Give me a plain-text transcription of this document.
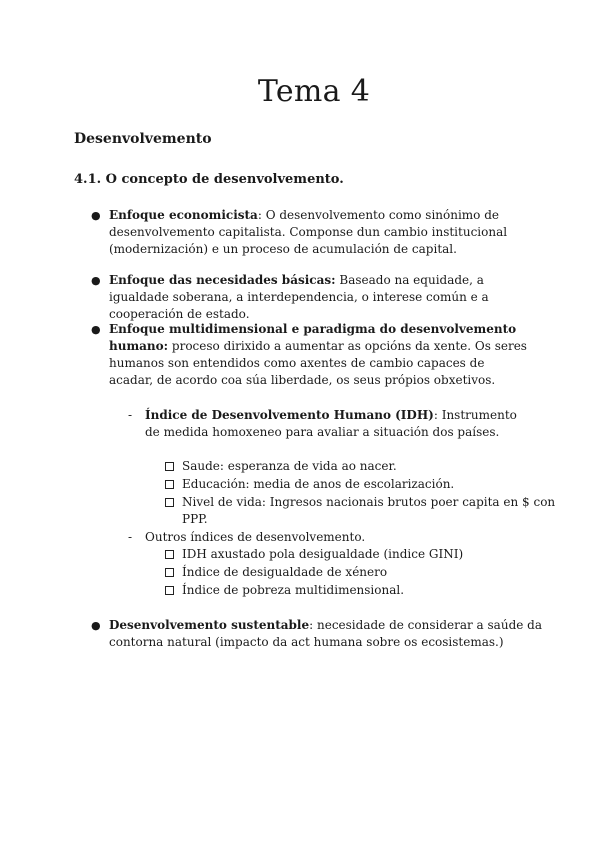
Tema 4
Desenvolvemento
4.1. O concepto de desenvolvemento.
● Enfoque economicista: O desenvolvemento como sinónimo de desenvolvemento capitalista. Componse dun cambio institucional (modernización) e un proceso de acumulación de capital.
● Enfoque das necesidades básicas: Baseado na equidade, a igualdade soberana, a interdependencia, o interese común e a cooperación de estado.
● Enfoque multidimensional e paradigma do desenvolvemento humano: proceso dirixido a aumentar as opcións da xente. Os seres humanos son entendidos como axentes de cambio capaces de acadar, de acordo coa súa liberdade, os seus própios obxetivos.
- Índice de Desenvolvemento Humano (IDH): Instrumento de medida homoxeneo para avaliar a situación dos países.
Saude: esperanza de vida ao nacer.
Educación: media de anos de escolarización.
Nivel de vida: Ingresos nacionais brutos poer capita en $ con PPP.
- Outros índices de desenvolvemento.
IDH axustado pola desigualdade (indice GINI)
Índice de desigualdade de xénero
Índice de pobreza multidimensional.
● Desenvolvemento sustentable: necesidade de considerar a saúde da contorna natural (impacto da act humana sobre os ecosistemas.)
